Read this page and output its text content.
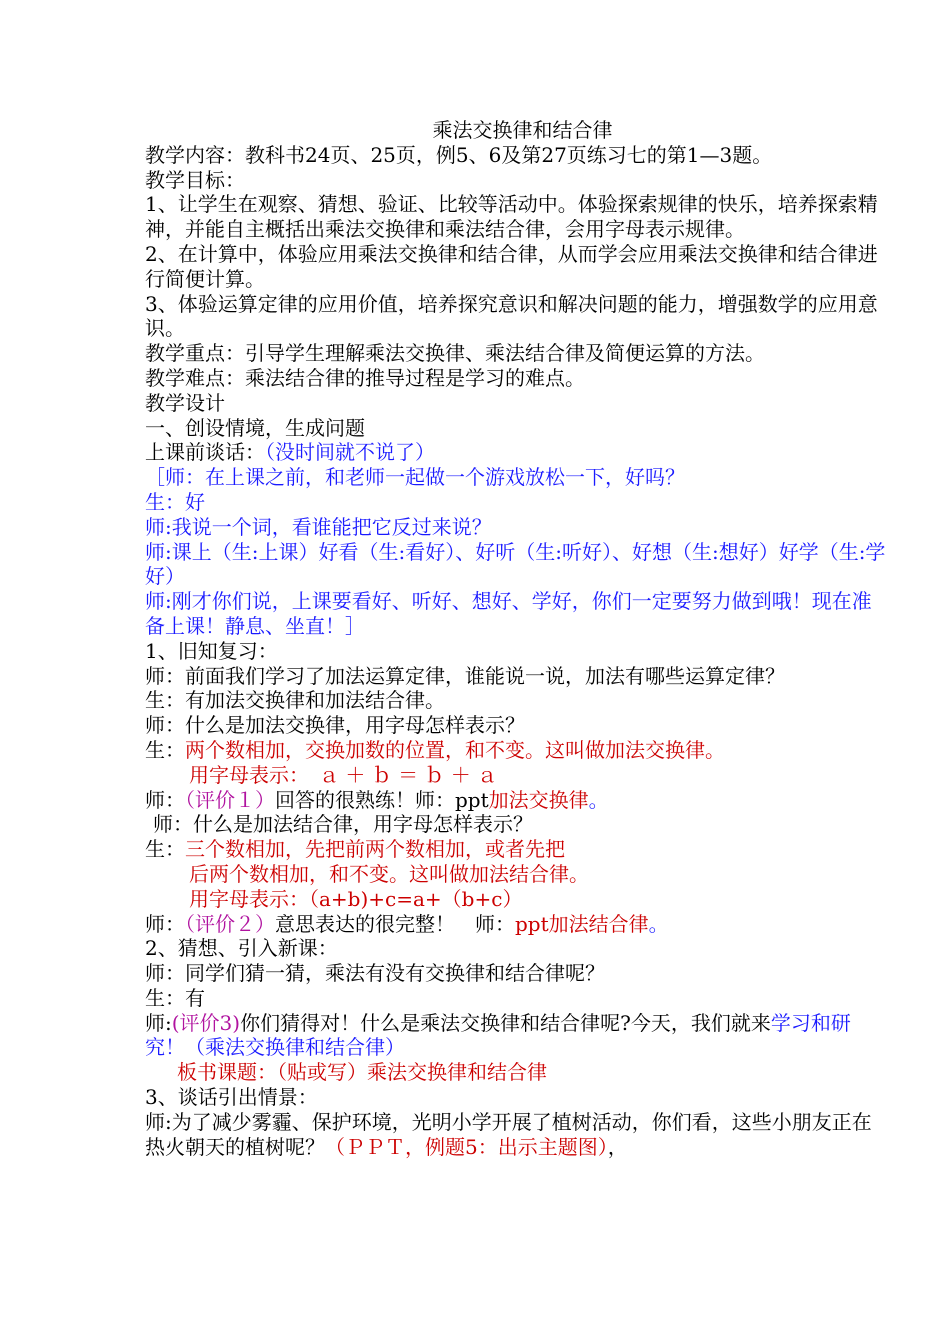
乘法交换律和结合律
教学内容：教科书24页、25页，例5、6及第27页练习七的第1—3题。
教学目标：
1、让学生在观察、猜想、验证、比较等活动中。体验探索规律的快乐，培养探索精神，并能自主概括出乘法交换律和乘法结合律，会用字母表示规律。
2、在计算中，体验应用乘法交换律和结合律，从而学会应用乘法交换律和结合律进行简便计算。
3、体验运算定律的应用价值，培养探究意识和解决问题的能力，增强数学的应用意识。
教学重点：引导学生理解乘法交换律、乘法结合律及简便运算的方法。
教学难点：乘法结合律的推导过程是学习的难点。
教学设计
一、创设情境，生成问题
上课前谈话：（没时间就不说了）
［师：在上课之前，和老师一起做一个游戏放松一下，好吗？
生：好
师:我说一个词，看谁能把它反过来说？
师:课上（生:上课）好看（生:看好）、好听（生:听好）、好想（生:想好）好学（生:学好）
师:刚才你们说，上课要看好、听好、想好、学好，你们一定要努力做到哦！现在准备上课！静息、坐直！］
1、旧知复习：
师：前面我们学习了加法运算定律，谁能说一说，加法有哪些运算定律？
生：有加法交换律和加法结合律。
师：什么是加法交换律，用字母怎样表示？
生：两个数相加，交换加数的位置，和不变。这叫做加法交换律。
用字母表示：　ａ ＋ ｂ ＝ ｂ ＋ ａ
师：（评价１）回答的很熟练！师：ppt加法交换律。
师：什么是加法结合律，用字母怎样表示？
生：三个数相加，先把前两个数相加，或者先把
后两个数相加，和不变。这叫做加法结合律。
用字母表示：（a+b)+c=a+（b+c）
师：（评价２）意思表达的很完整！　师：ppt加法结合律。
2、猜想、引入新课：
师：同学们猜一猜，乘法有没有交换律和结合律呢？
生：有
师:(评价3)你们猜得对！什么是乘法交换律和结合律呢?今天，我们就来学习和研究！（乘法交换律和结合律）
板书课题：（贴或写）乘法交换律和结合律
3、谈话引出情景：
师:为了减少雾霾、保护环境，光明小学开展了植树活动，你们看，这些小朋友正在热火朝天的植树呢？（ＰＰＴ，例题5：出示主题图），
